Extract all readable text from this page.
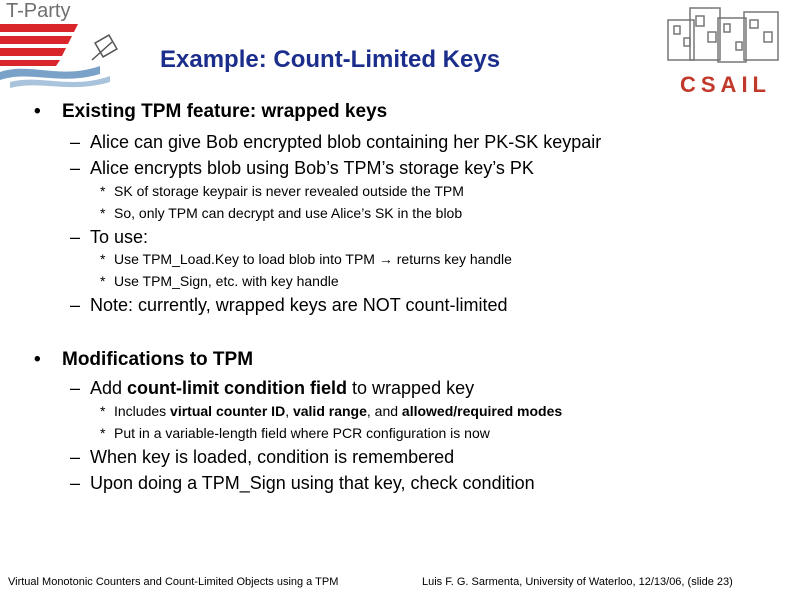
T-Party
Example: Count-Limited Keys
CSAIL
• Existing TPM feature: wrapped keys
– Alice can give Bob encrypted blob containing her PK-SK keypair
– Alice encrypts blob using Bob’s TPM’s storage key’s PK
* SK of storage keypair is never revealed outside the TPM
* So, only TPM can decrypt and use Alice’s SK in the blob
– To use:
* Use TPM_Load.Key to load blob into TPM → returns key handle
* Use TPM_Sign, etc. with key handle
– Note: currently, wrapped keys are NOT count-limited
• Modifications to TPM
– Add count-limit condition field to wrapped key
* Includes virtual counter ID, valid range, and allowed/required modes
* Put in a variable-length field where PCR configuration is now
– When key is loaded, condition is remembered
– Upon doing a TPM_Sign using that key, check condition
Virtual Monotonic Counters and Count-Limited Objects using a TPM	Luis F. G. Sarmenta, University of Waterloo, 12/13/06, (slide 23)
